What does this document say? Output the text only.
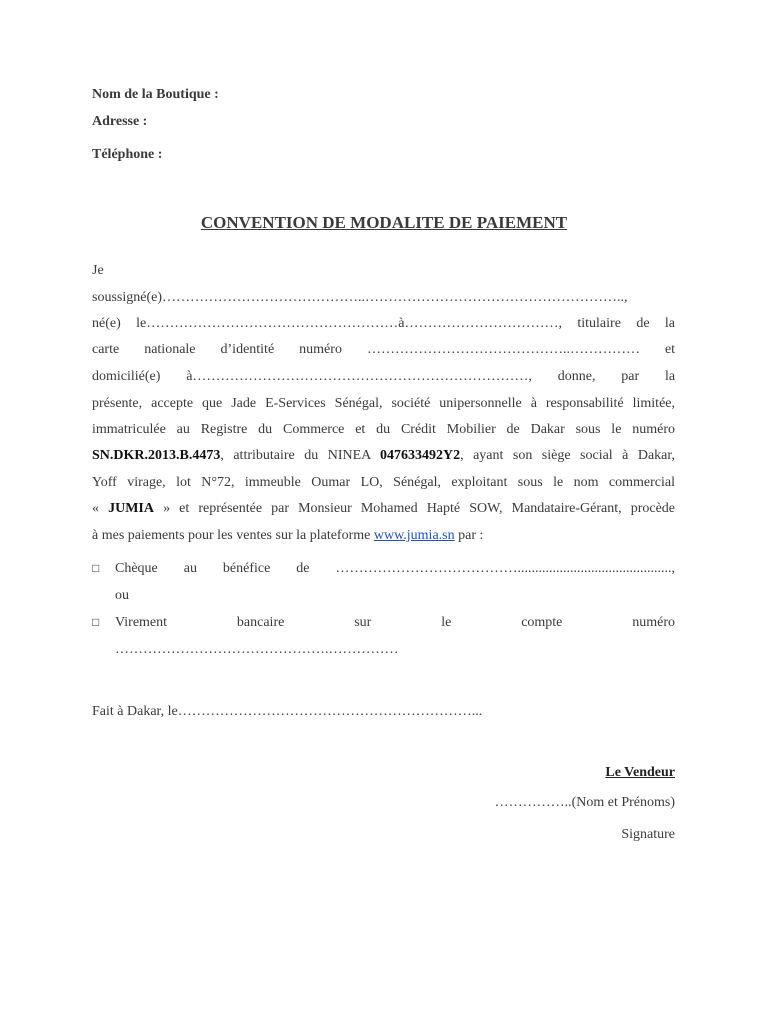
Nom de la Boutique :
Adresse :
Téléphone :
CONVENTION DE MODALITE DE PAIEMENT
Je
soussigné(e)……………………………………..………………………………………………..,
né(e) le………………………………………………à……………………………, titulaire de la
carte nationale d’identité numéro ……………………………………..…………… et
domicilié(e) à………………………………………………………………, donne, par la
présente, accepte que Jade E-Services Sénégal, société unipersonnelle à responsabilité limitée,
immatriculée au Registre du Commerce et du Crédit Mobilier de Dakar sous le numéro
SN.DKR.2013.B.4473, attributaire du NINEA 047633492Y2, ayant son siège social à Dakar,
Yoff virage, lot N°72, immeuble Oumar LO, Sénégal, exploitant sous le nom commercial
« JUMIA » et représentée par Monsieur Mohamed Hapté SOW, Mandataire-Gérant, procède
à mes paiements pour les ventes sur la plateforme www.jumia.sn par :
□ Chèque au bénéfice de …………………………………............................................,
ou
□ Virement	bancaire	sur	le	compte	numéro
……………………………………….……………
Fait à Dakar, le………………………………………………………...
Le Vendeur
……………..(Nom et Prénoms)
Signature
